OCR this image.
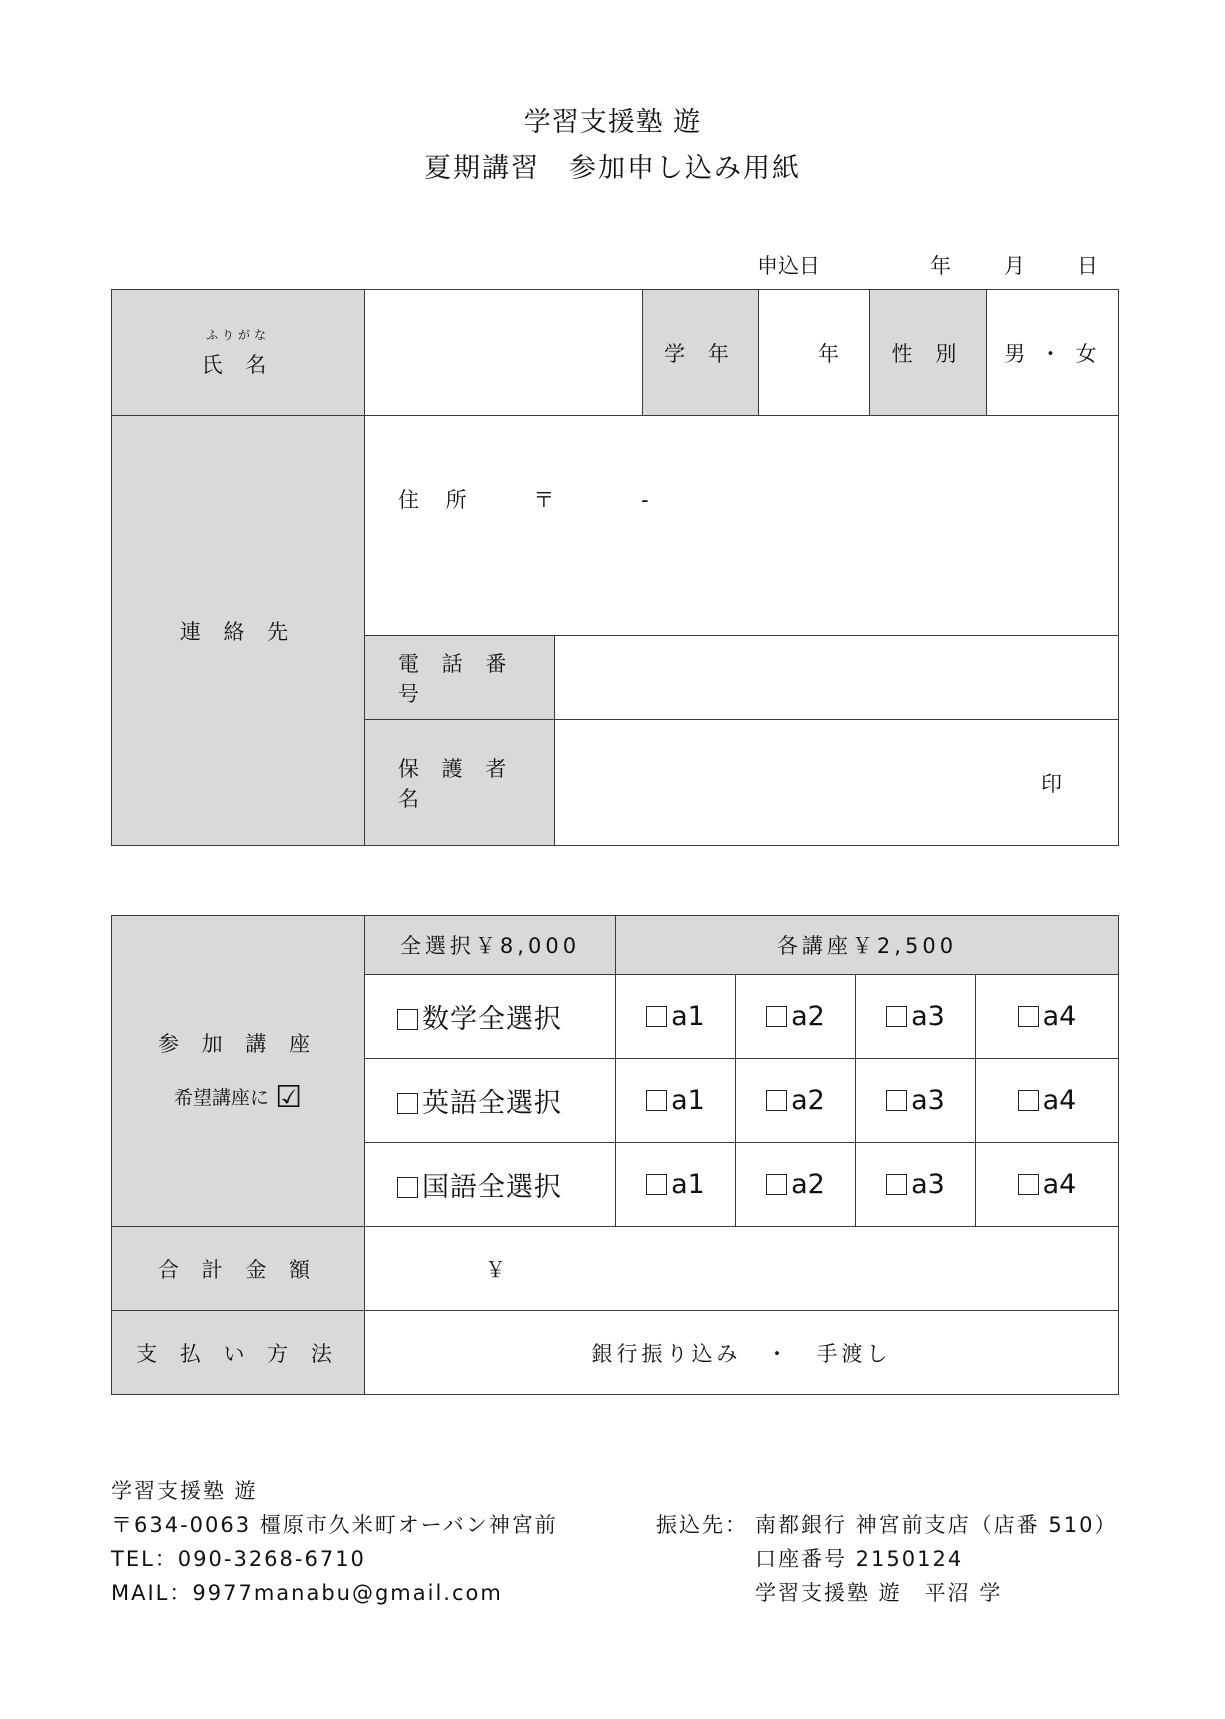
学習支援塾 遊
夏期講習　参加申し込み用紙
申込日	年	月 日
ふりがな
氏 名			学 年	年	性 別	男 ・ 女
連 絡 先	住 所 〒 -					

	電 話 番 号					
	保 護 者 名	印				
参 加 講 座
希望講座に ☑	全選択￥8,000	各講座￥2,500			
	数学全選択	a1	a2	a3	a4
	英語全選択	a1	a2	a3	a4
	国語全選択	a1	a2	a3	a4
合 計 金 額	￥				
支 払 い 方 法	銀行振り込み　・　手渡し				
学習支援塾 遊
〒634-0063 橿原市久米町オーバン神宮前
TEL：090-3268-6710
MAIL：9977manabu@gmail.com
振込先： 南都銀行 神宮前支店（店番 510）
口座番号 2150124
学習支援塾 遊　平沼 学
